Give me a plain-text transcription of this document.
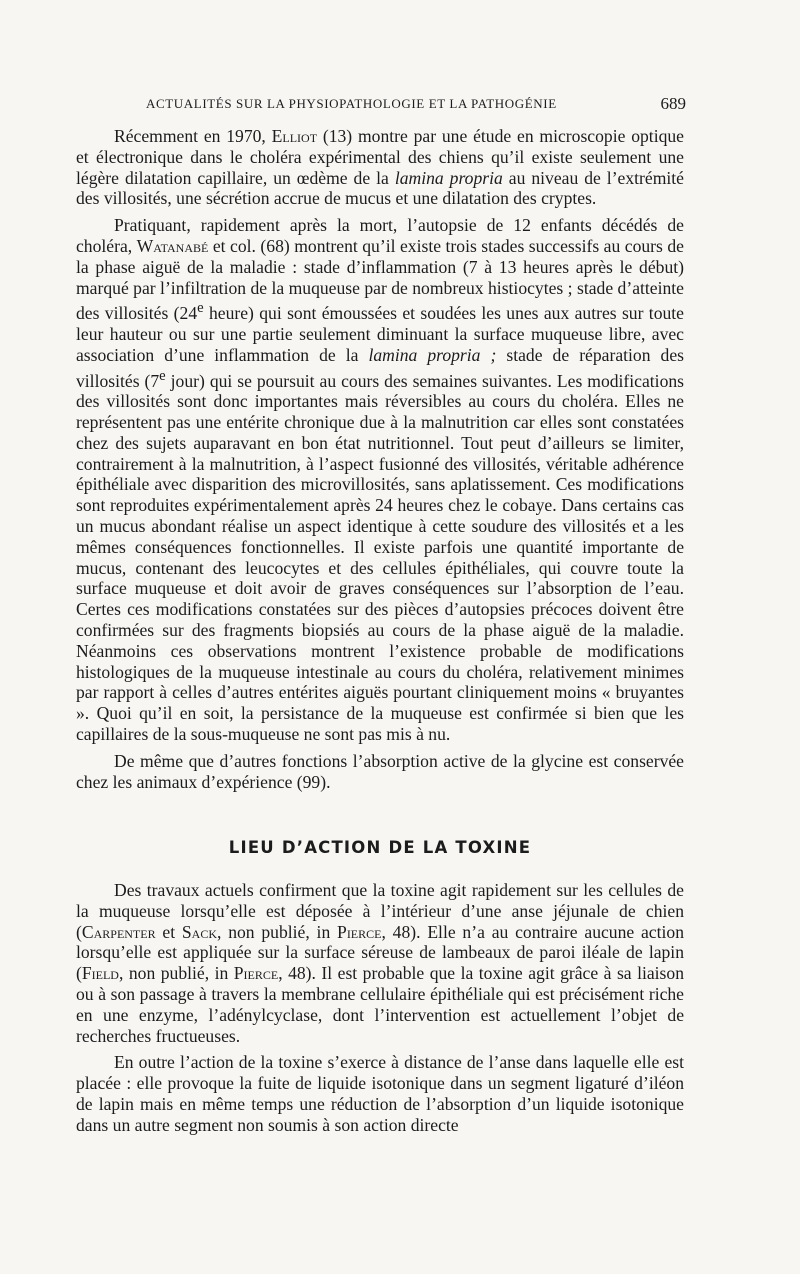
ACTUALITÉS SUR LA PHYSIOPATHOLOGIE ET LA PATHOGÉNIE	689

Récemment en 1970, Elliot (13) montre par une étude en microscopie optique et électronique dans le choléra expérimental des chiens qu’il existe seulement une légère dilatation capillaire, un œdème de la lamina propria au niveau de l’extrémité des villosités, une sécrétion accrue de mucus et une dilatation des cryptes.

Pratiquant, rapidement après la mort, l’autopsie de 12 enfants décédés de choléra, Watanabé et col. (68) montrent qu’il existe trois stades successifs au cours de la phase aiguë de la maladie : stade d’inflammation (7 à 13 heures après le début) marqué par l’infiltration de la muqueuse par de nombreux histiocytes ; stade d’atteinte des villosités (24e heure) qui sont émoussées et soudées les unes aux autres sur toute leur hauteur ou sur une partie seulement diminuant la surface muqueuse libre, avec association d’une inflammation de la lamina propria ; stade de réparation des villosités (7e jour) qui se poursuit au cours des semaines suivantes. Les modifications des villosités sont donc importantes mais réversibles au cours du choléra. Elles ne représentent pas une entérite chronique due à la malnutrition car elles sont constatées chez des sujets auparavant en bon état nutritionnel. Tout peut d’ailleurs se limiter, contrairement à la malnutrition, à l’aspect fusionné des villosités, véritable adhérence épithéliale avec disparition des microvillosités, sans aplatissement. Ces modifications sont reproduites expérimentalement après 24 heures chez le cobaye. Dans certains cas un mucus abondant réalise un aspect identique à cette soudure des villosités et a les mêmes conséquences fonctionnelles. Il existe parfois une quantité importante de mucus, contenant des leucocytes et des cellules épithéliales, qui couvre toute la surface muqueuse et doit avoir de graves conséquences sur l’absorption de l’eau. Certes ces modifications constatées sur des pièces d’autopsies précoces doivent être confirmées sur des fragments biopsiés au cours de la phase aiguë de la maladie. Néanmoins ces observations montrent l’existence probable de modifications histologiques de la muqueuse intestinale au cours du choléra, relativement minimes par rapport à celles d’autres entérites aiguës pourtant cliniquement moins « bruyantes ». Quoi qu’il en soit, la persistance de la muqueuse est confirmée si bien que les capillaires de la sous-muqueuse ne sont pas mis à nu.

De même que d’autres fonctions l’absorption active de la glycine est conservée chez les animaux d’expérience (99).

LIEU D’ACTION DE LA TOXINE

Des travaux actuels confirment que la toxine agit rapidement sur les cellules de la muqueuse lorsqu’elle est déposée à l’intérieur d’une anse jéjunale de chien (Carpenter et Sack, non publié, in Pierce, 48). Elle n’a au contraire aucune action lorsqu’elle est appliquée sur la surface séreuse de lambeaux de paroi iléale de lapin (Field, non publié, in Pierce, 48). Il est probable que la toxine agit grâce à sa liaison ou à son passage à travers la membrane cellulaire épithéliale qui est précisément riche en une enzyme, l’adénylcyclase, dont l’intervention est actuellement l’objet de recherches fructueuses.

En outre l’action de la toxine s’exerce à distance de l’anse dans laquelle elle est placée : elle provoque la fuite de liquide isotonique dans un segment ligaturé d’iléon de lapin mais en même temps une réduction de l’absorption d’un liquide isotonique dans un autre segment non soumis à son action directe
